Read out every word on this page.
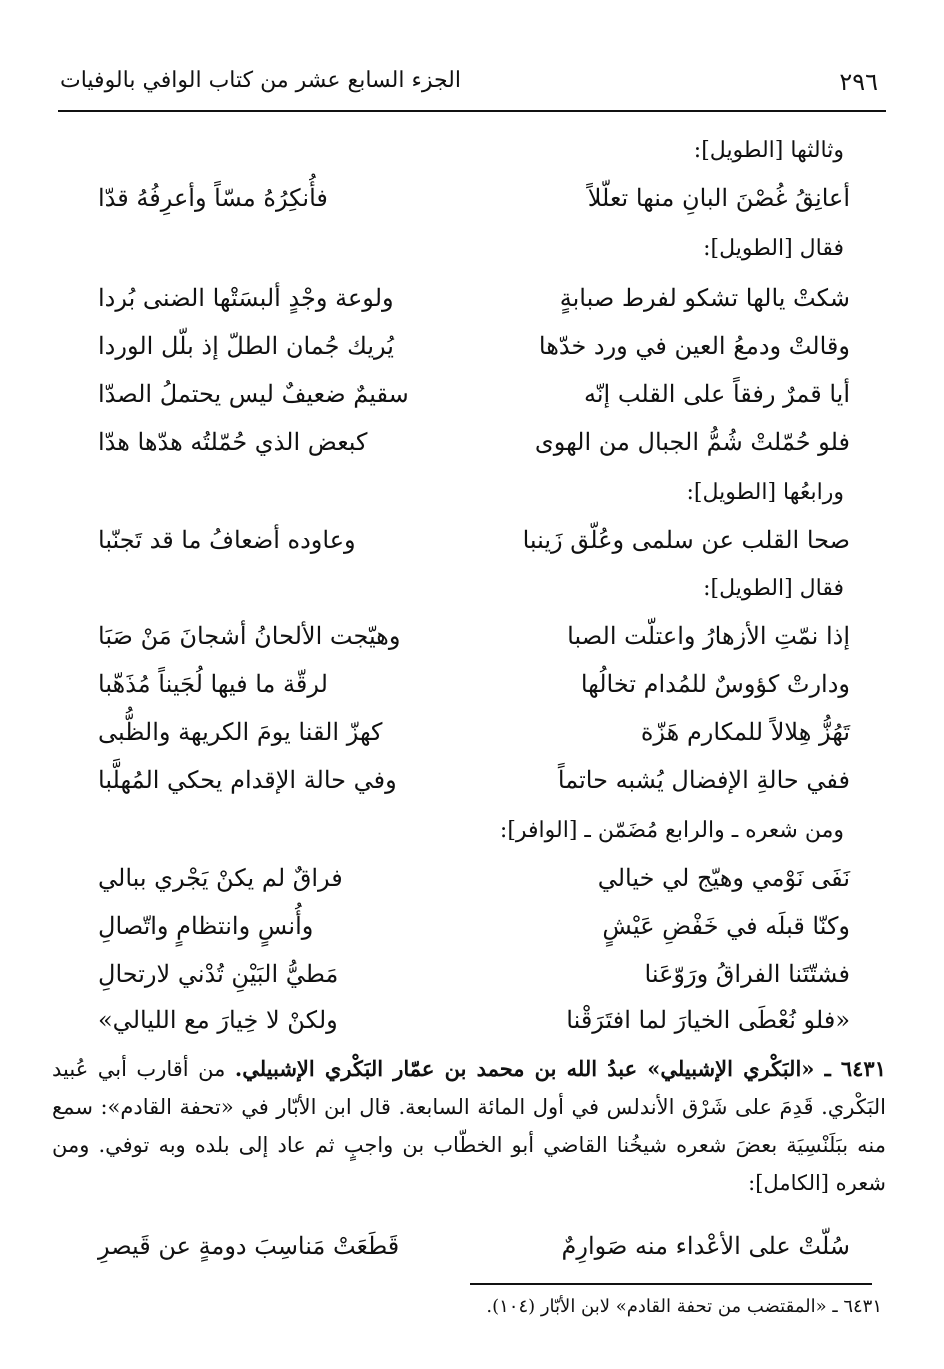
٢٩٦
الجزء السابع عشر من كتاب الوافي بالوفيات
وثالثها [الطويل]:
أعانِقُ غُصْنَ البانِ منها تعلّلاً
فأُنكِرُهُ مسّاً وأعرِفُهُ قدّا
فقال [الطويل]:
شكتْ يالها تشكو لفرط صبابةٍ
ولوعة وجْدٍ ألبسَتْها الضنى بُردا
وقالتْ ودمعُ العين في ورد خدّها
يُريك جُمان الطلّ إذ بلّل الوردا
أيا قمرٌ رفقاً على القلب إنّه
سقيمٌ ضعيفٌ ليس يحتملُ الصدّا
فلو حُمّلتْ شُمُّ الجبال من الهوى
كبعض الذي حُمّلتُه هدّها هدّا
ورابعُها [الطويل]:
صحا القلب عن سلمى وعُلّق زَينبا
وعاوده أضعافُ ما قد تَجنّبا
فقال [الطويل]:
إذا نمّتِ الأزهارُ واعتلّت الصبا
وهيّجت الألحانُ أشجانَ مَنْ صَبَا
ودارتْ كؤوسٌ للمُدام تخالُها
لرقّة ما فيها لُجَيناً مُذَهّبا
تَهُزُّ هِلالاً للمكارم هَزّة
كهزّ القنا يومَ الكريهة والظُّبى
ففي حالةِ الإفضال يُشبه حاتماً
وفي حالة الإقدام يحكي المُهلَّبا
ومن شعره ـ والرابع مُضَمّن ـ [الوافر]:
نَفَى نَوْمي وهيّج لي خيالي
فراقٌ لم يكنْ يَجْري ببالي
وكنّا قبلَه في خَفْضِ عَيْشٍ
وأُنسٍ وانتظامٍ واتّصالِ
فشتّتَنا الفراقُ ورَوّعَنا
مَطيُّ البَيْنِ تُدْني لارتحالِ
«فلو نُعْطَى الخيارَ لما افتَرَقْنا
ولكنْ لا خِيارَ مع الليالي»
٦٤٣١ ـ «البَكْري الإشبيلي» عبدُ الله بن محمد بن عمّار البَكْري الإشبيلي. من أقارب أبي عُبيد البَكْري. قَدِمَ على شَرْق الأندلس في أول المائة السابعة. قال ابن الأبّار في «تحفة القادم»: سمع منه ببَلَنْسِيَة بعضَ شعره شيخُنا القاضي أبو الخطّاب بن واجبٍ ثم عاد إلى بلده وبه توفي. ومن شعره [الكامل]:
سُلّتْ على الأعْداء منه صَوارِمٌ
قَطَعَتْ مَناسِبَ دومةٍ عن قَيصرِ
٦٤٣١ ـ «المقتضب من تحفة القادم» لابن الأبّار (١٠٤).
